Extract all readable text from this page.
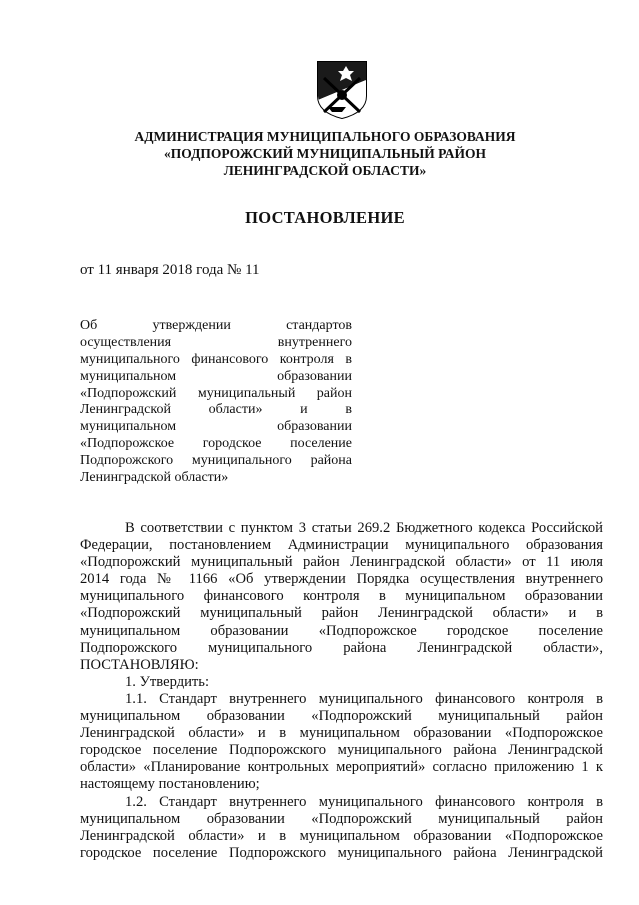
АДМИНИСТРАЦИЯ МУНИЦИПАЛЬНОГО ОБРАЗОВАНИЯ
«ПОДПОРОЖСКИЙ МУНИЦИПАЛЬНЫЙ РАЙОН
ЛЕНИНГРАДСКОЙ ОБЛАСТИ»
ПОСТАНОВЛЕНИЕ
от 11 января 2018 года № 11
Об утверждении стандартов
осуществления внутреннего
муниципального финансового контроля в
муниципальном образовании
«Подпорожский муниципальный район
Ленинградской области» и в
муниципальном образовании
«Подпорожское городское поселение
Подпорожского муниципального района
Ленинградской области»
В соответствии с пунктом 3 статьи 269.2 Бюджетного кодекса Российской
Федерации, постановлением Администрации муниципального образования
«Подпорожский муниципальный район Ленинградской области» от 11 июля
2014 года № 1166 «Об утверждении Порядка осуществления внутреннего
муниципального финансового контроля в муниципальном образовании
«Подпорожский муниципальный район Ленинградской области» и в
муниципальном образовании «Подпорожское городское поселение
Подпорожского муниципального района Ленинградской области»,
ПОСТАНОВЛЯЮ:
1. Утвердить:
1.1. Стандарт внутреннего муниципального финансового контроля в
муниципальном образовании «Подпорожский муниципальный район
Ленинградской области» и в муниципальном образовании «Подпорожское
городское поселение Подпорожского муниципального района Ленинградской
области» «Планирование контрольных мероприятий» согласно приложению 1 к
настоящему постановлению;
1.2. Стандарт внутреннего муниципального финансового контроля в
муниципальном образовании «Подпорожский муниципальный район
Ленинградской области» и в муниципальном образовании «Подпорожское
городское поселение Подпорожского муниципального района Ленинградской
